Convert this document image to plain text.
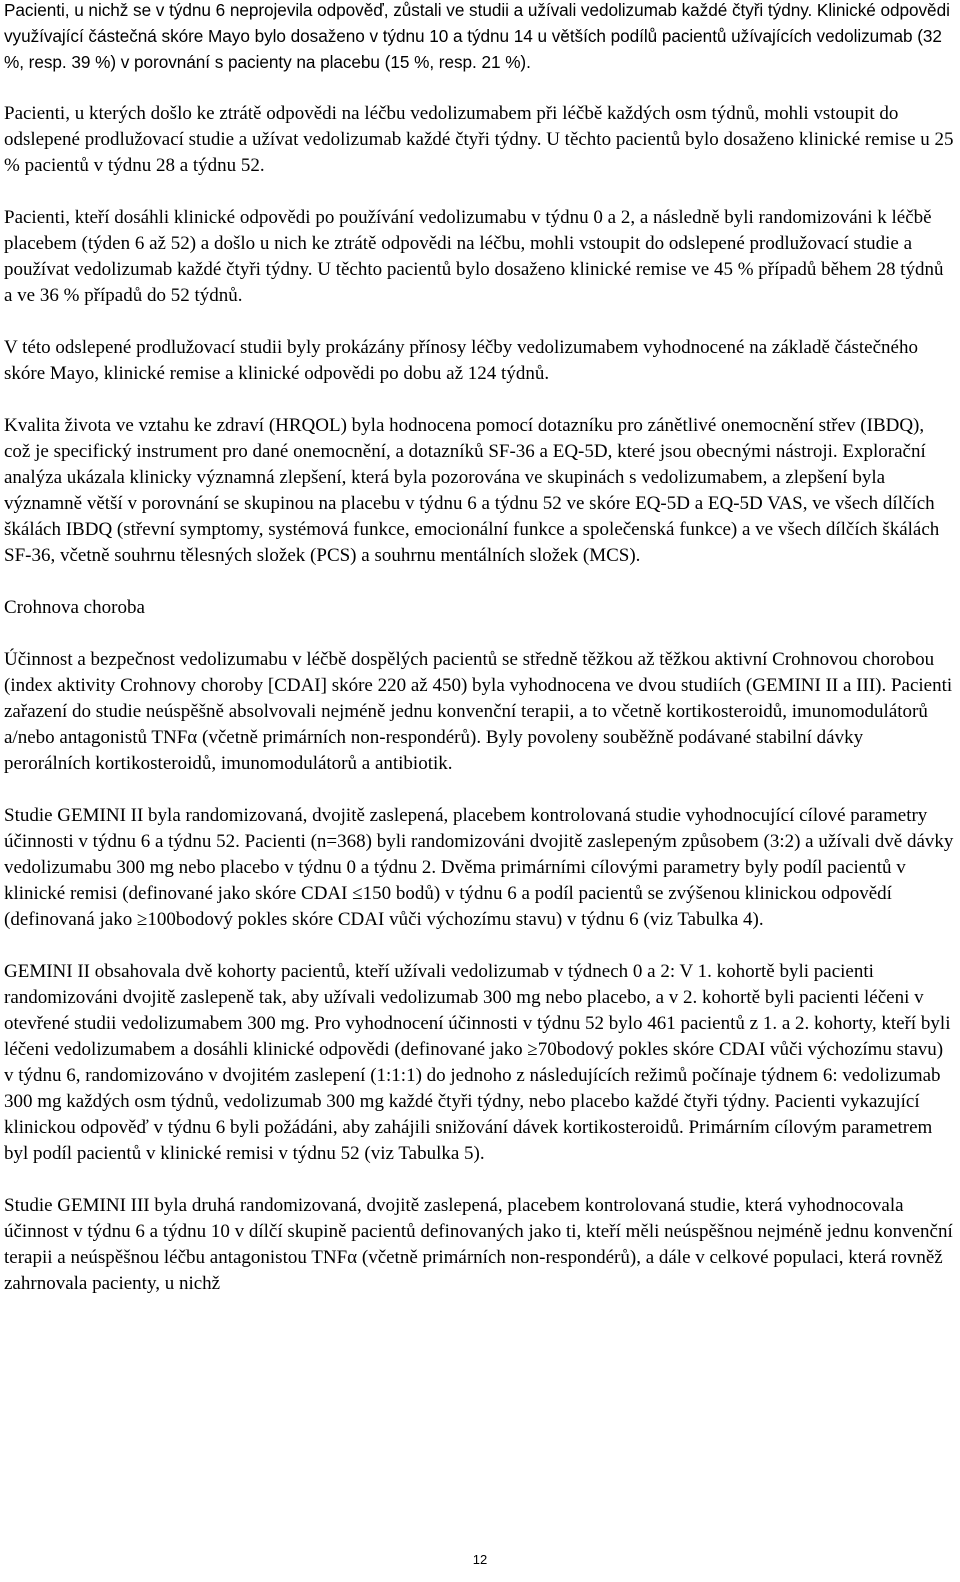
Pacienti, u nichž se v týdnu 6 neprojevila odpověď, zůstali ve studii a užívali vedolizumab každé čtyři týdny. Klinické odpovědi využívající částečná skóre Mayo bylo dosaženo v týdnu 10 a týdnu 14 u větších podílů pacientů užívajících vedolizumab (32 %, resp. 39 %) v porovnání s pacienty na placebu (15 %, resp. 21 %).

Pacienti, u kterých došlo ke ztrátě odpovědi na léčbu vedolizumabem při léčbě každých osm týdnů, mohli vstoupit do odslepené prodlužovací studie a užívat vedolizumab každé čtyři týdny. U těchto pacientů bylo dosaženo klinické remise u 25 % pacientů v týdnu 28 a týdnu 52.

Pacienti, kteří dosáhli klinické odpovědi po používání vedolizumabu v týdnu 0 a 2, a následně byli randomizováni k léčbě placebem (týden 6 až 52) a došlo u nich ke ztrátě odpovědi na léčbu, mohli vstoupit do odslepené prodlužovací studie a používat vedolizumab každé čtyři týdny. U těchto pacientů bylo dosaženo klinické remise ve 45 % případů během 28 týdnů a ve 36 % případů do 52 týdnů.

V této odslepené prodlužovací studii byly prokázány přínosy léčby vedolizumabem vyhodnocené na základě částečného skóre Mayo, klinické remise a klinické odpovědi po dobu až 124 týdnů.

Kvalita života ve vztahu ke zdraví (HRQOL) byla hodnocena pomocí dotazníku pro zánětlivé onemocnění střev (IBDQ), což je specifický instrument pro dané onemocnění, a dotazníků SF-36 a EQ-5D, které jsou obecnými nástroji. Explorační analýza ukázala klinicky významná zlepšení, která byla pozorována ve skupinách s vedolizumabem, a zlepšení byla významně větší v porovnání se skupinou na placebu v týdnu 6 a týdnu 52 ve skóre EQ-5D a EQ-5D VAS, ve všech dílčích škálách IBDQ (střevní symptomy, systémová funkce, emocionální funkce a společenská funkce) a ve všech dílčích škálách SF-36, včetně souhrnu tělesných složek (PCS) a souhrnu mentálních složek (MCS).

Crohnova choroba

Účinnost a bezpečnost vedolizumabu v léčbě dospělých pacientů se středně těžkou až těžkou aktivní Crohnovou chorobou (index aktivity Crohnovy choroby [CDAI] skóre 220 až 450) byla vyhodnocena ve dvou studiích (GEMINI II a III). Pacienti zařazení do studie neúspěšně absolvovali nejméně jednu konvenční terapii, a to včetně kortikosteroidů, imunomodulátorů a/nebo antagonistů TNFα (včetně primárních non-respondérů). Byly povoleny souběžně podávané stabilní dávky perorálních kortikosteroidů, imunomodulátorů a antibiotik.

Studie GEMINI II byla randomizovaná, dvojitě zaslepená, placebem kontrolovaná studie vyhodnocující cílové parametry účinnosti v týdnu 6 a týdnu 52. Pacienti (n=368) byli randomizováni dvojitě zaslepeným způsobem (3:2) a užívali dvě dávky vedolizumabu 300 mg nebo placebo v týdnu 0 a týdnu 2. Dvěma primárními cílovými parametry byly podíl pacientů v klinické remisi (definované jako skóre CDAI ≤150 bodů) v týdnu 6 a podíl pacientů se zvýšenou klinickou odpovědí (definovaná jako ≥100bodový pokles skóre CDAI vůči výchozímu stavu) v týdnu 6 (viz Tabulka 4).

GEMINI II obsahovala dvě kohorty pacientů, kteří užívali vedolizumab v týdnech 0 a 2: V 1. kohortě byli pacienti randomizováni dvojitě zaslepeně tak, aby užívali vedolizumab 300 mg nebo placebo, a v 2. kohortě byli pacienti léčeni v otevřené studii vedolizumabem 300 mg. Pro vyhodnocení účinnosti v týdnu 52 bylo 461 pacientů z 1. a 2. kohorty, kteří byli léčeni vedolizumabem a dosáhli klinické odpovědi (definované jako ≥70bodový pokles skóre CDAI vůči výchozímu stavu) v týdnu 6, randomizováno v dvojitém zaslepení (1:1:1) do jednoho z následujících režimů počínaje týdnem 6: vedolizumab 300 mg každých osm týdnů, vedolizumab 300 mg každé čtyři týdny, nebo placebo každé čtyři týdny. Pacienti vykazující klinickou odpověď v týdnu 6 byli požádáni, aby zahájili snižování dávek kortikosteroidů. Primárním cílovým parametrem byl podíl pacientů v klinické remisi v týdnu 52 (viz Tabulka 5).

Studie GEMINI III byla druhá randomizovaná, dvojitě zaslepená, placebem kontrolovaná studie, která vyhodnocovala účinnost v týdnu 6 a týdnu 10 v dílčí skupině pacientů definovaných jako ti, kteří měli neúspěšnou nejméně jednu konvenční terapii a neúspěšnou léčbu antagonistou TNFα (včetně primárních non-respondérů), a dále v celkové populaci, která rovněž zahrnovala pacienty, u nichž

12
